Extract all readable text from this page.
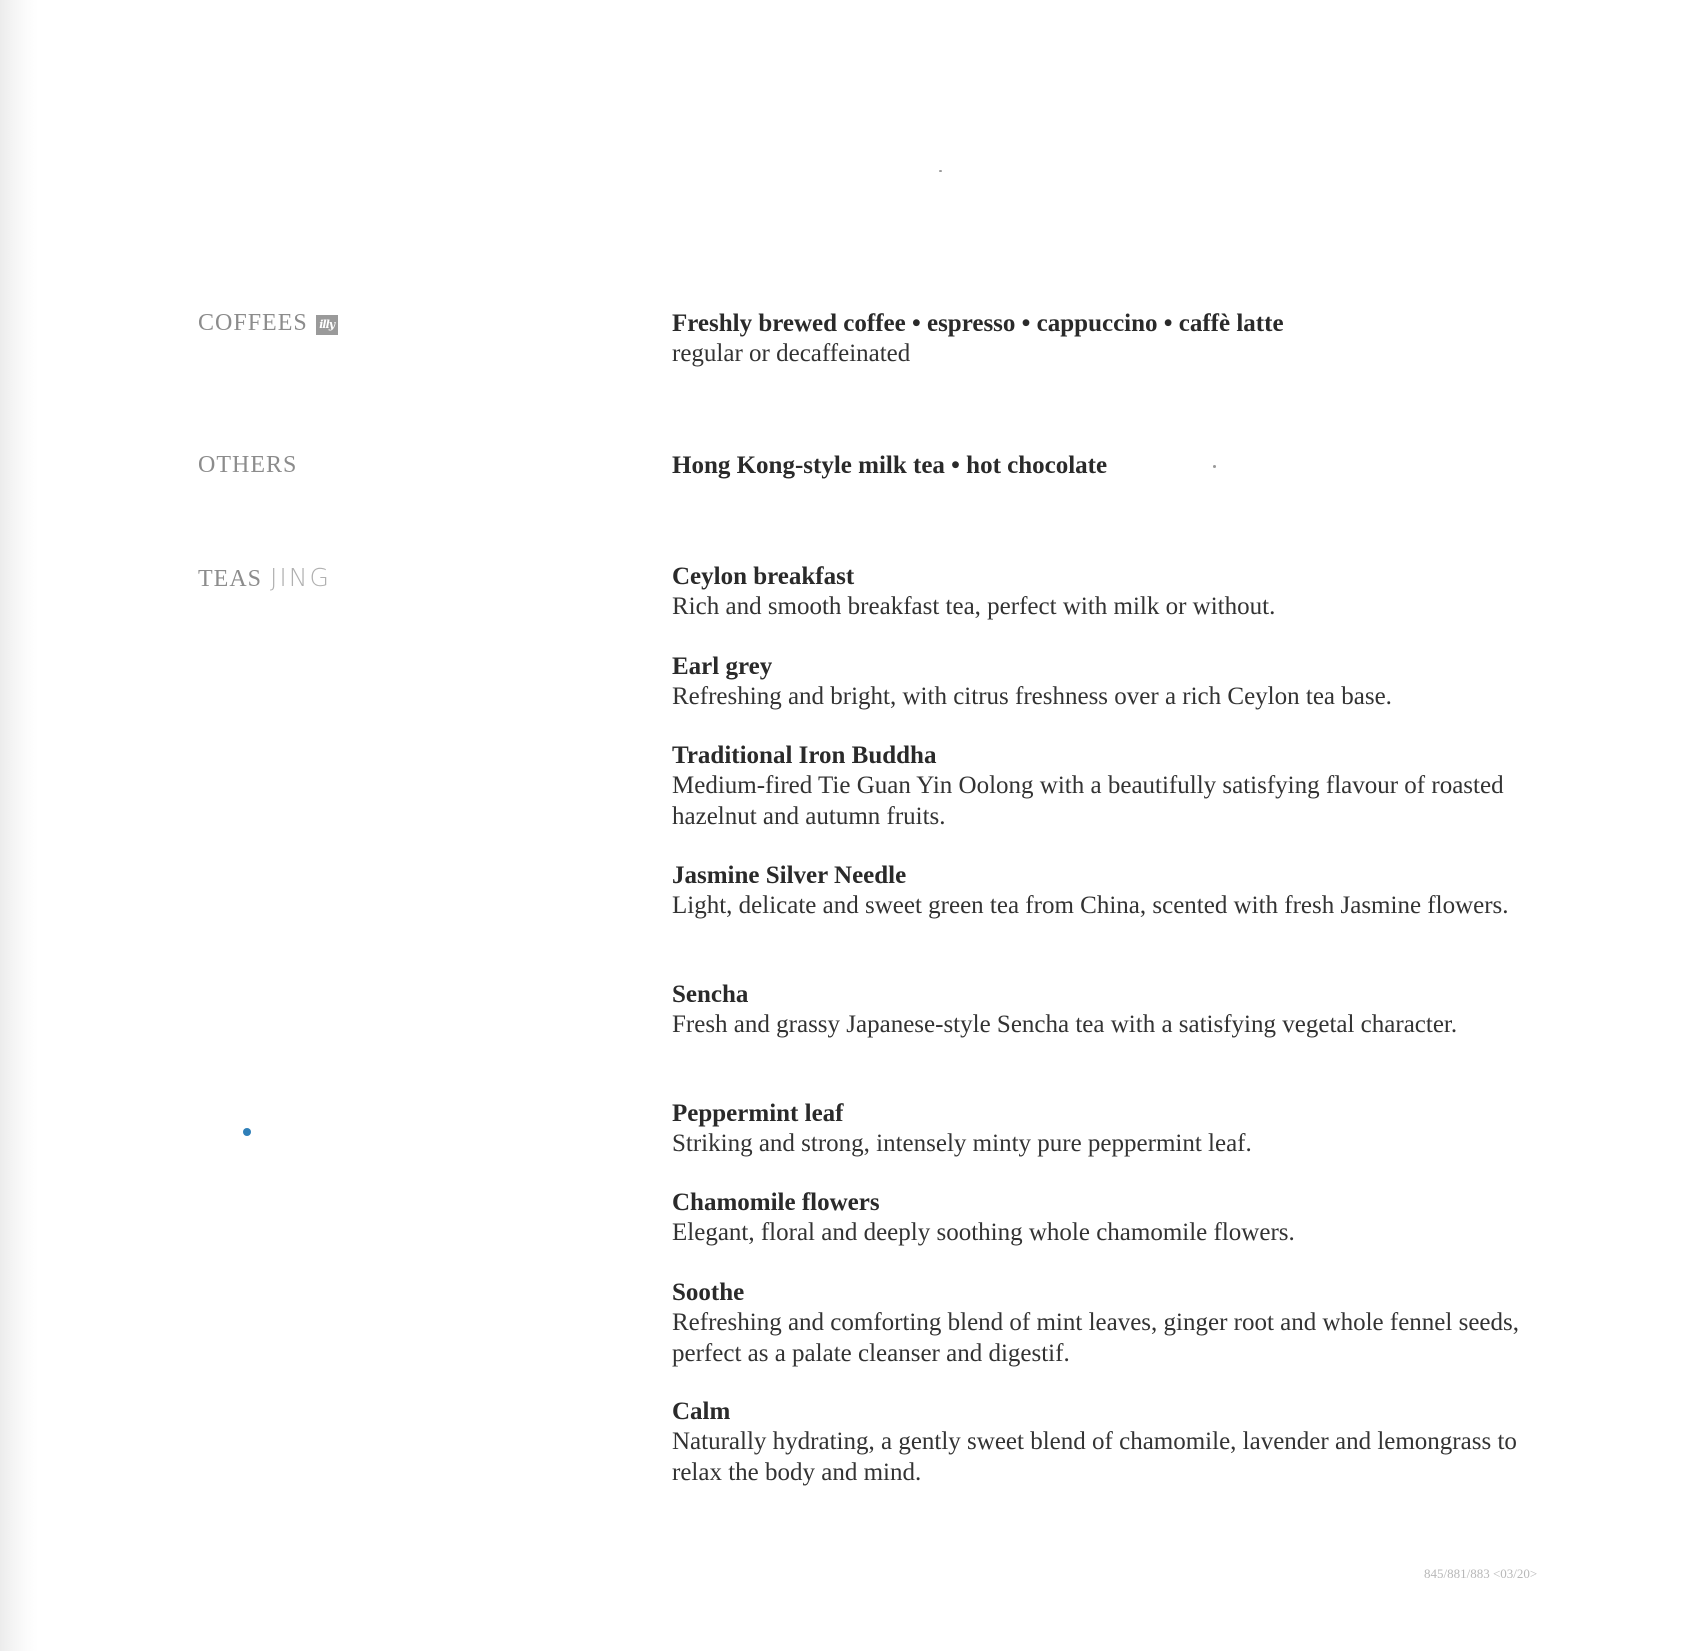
COFFEES illy	Freshly brewed coffee • espresso • cappuccino • caffè latte
regular or decaffeinated
OTHERS	Hong Kong-style milk tea • hot chocolate
TEAS JING	Ceylon breakfast
Rich and smooth breakfast tea, perfect with milk or without.
Earl grey
Refreshing and bright, with citrus freshness over a rich Ceylon tea base.
Traditional Iron Buddha
Medium-fired Tie Guan Yin Oolong with a beautifully satisfying flavour of roasted hazelnut and autumn fruits.
Jasmine Silver Needle
Light, delicate and sweet green tea from China, scented with fresh Jasmine flowers.
Sencha
Fresh and grassy Japanese-style Sencha tea with a satisfying vegetal character.
Peppermint leaf
Striking and strong, intensely minty pure peppermint leaf.
Chamomile flowers
Elegant, floral and deeply soothing whole chamomile flowers.
Soothe
Refreshing and comforting blend of mint leaves, ginger root and whole fennel seeds, perfect as a palate cleanser and digestif.
Calm
Naturally hydrating, a gently sweet blend of chamomile, lavender and lemongrass to relax the body and mind.
845/881/883 <03/20>
